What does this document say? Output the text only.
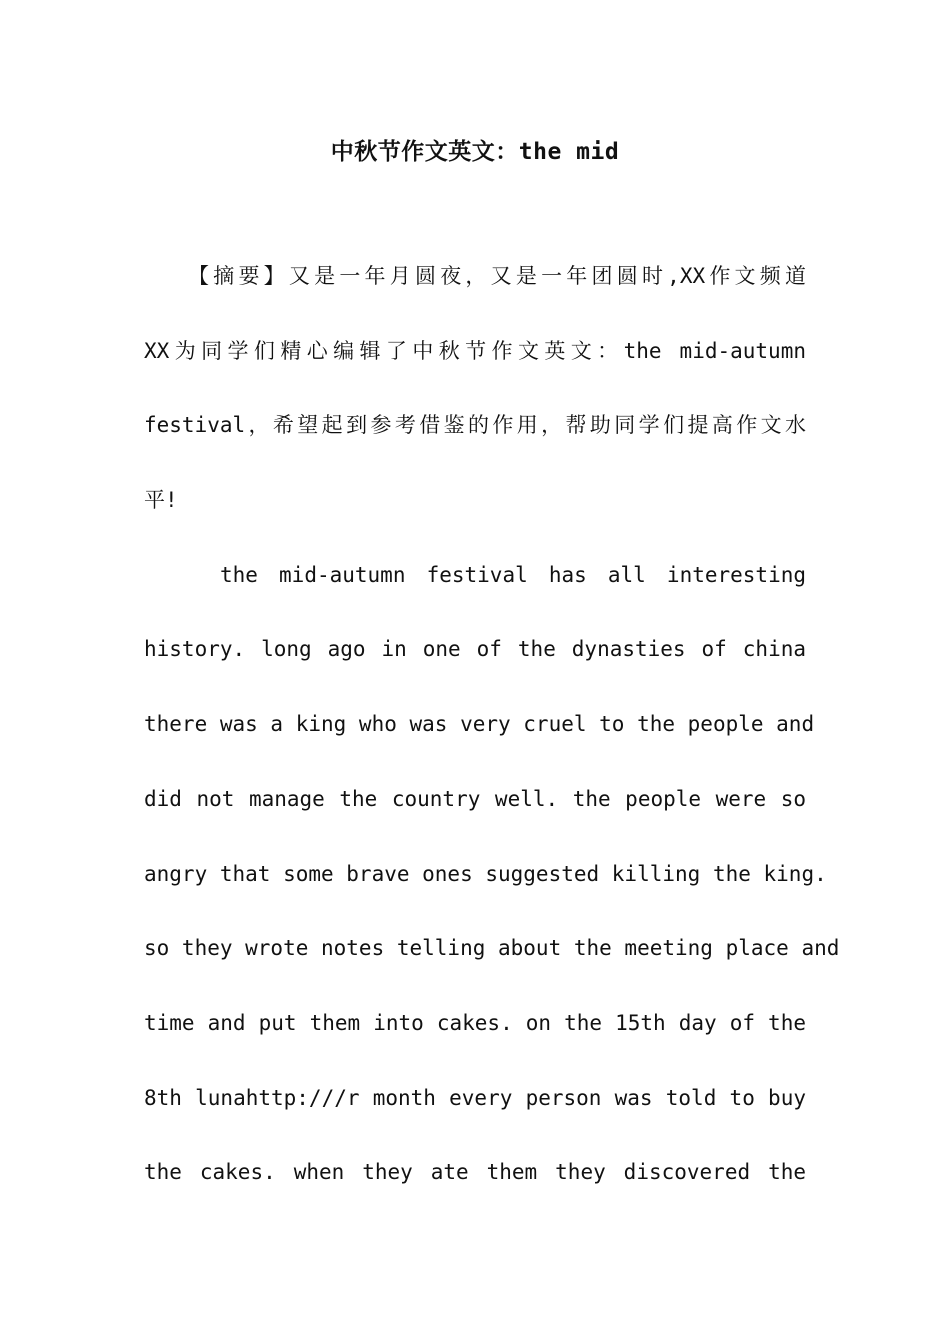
中秋节作文英文：the mid
【摘要】又是一年月圆夜，又是一年团圆时,XX作文频道
XX为同学们精心编辑了中秋节作文英文：the mid-autumn
festival，希望起到参考借鉴的作用，帮助同学们提高作文水
平!
the mid-autumn festival has all interesting
history. long ago in one of the dynasties of china
there was a king who was very cruel to the people and
did not manage the country well. the people were so
angry that some brave ones suggested killing the king.
so they wrote notes telling about the meeting place and
time and put them into cakes. on the 15th day of the
8th lunahttp:///r month every person was told to buy
the cakes. when they ate them they discovered the
